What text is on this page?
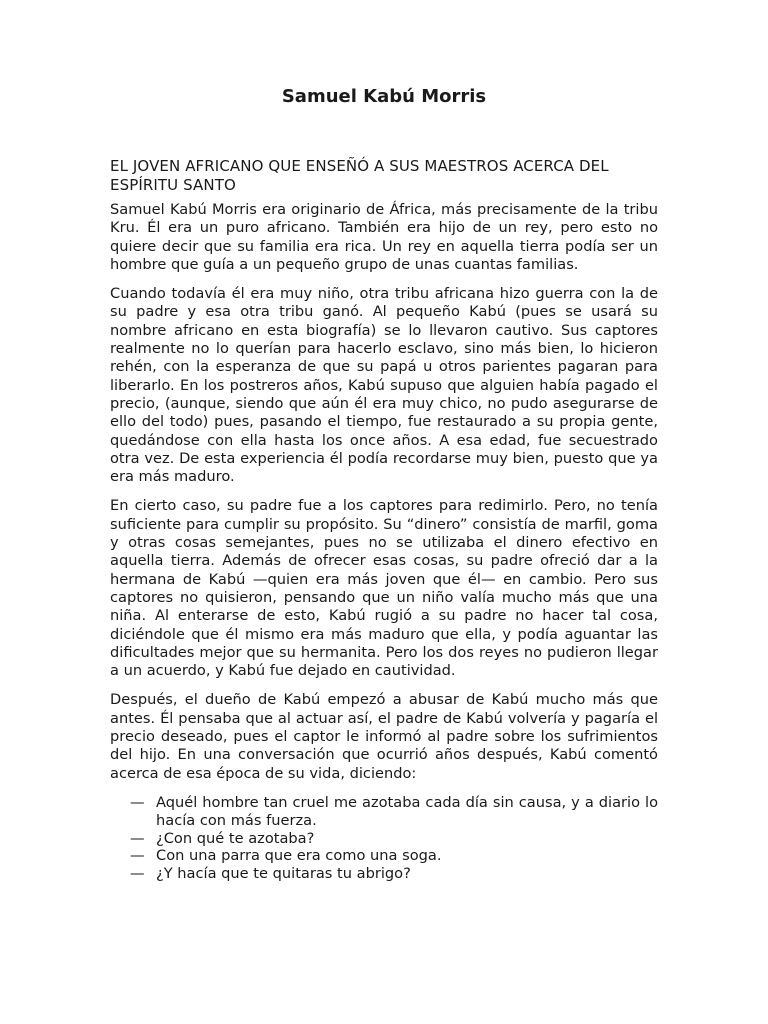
Samuel Kabú Morris
EL JOVEN AFRICANO QUE ENSEÑÓ A SUS MAESTROS ACERCA DEL ESPÍRITU SANTO

Samuel Kabú Morris era originario de África, más precisamente de la tribu Kru. Él era un puro africano. También era hijo de un rey, pero esto no quiere decir que su familia era rica. Un rey en aquella tierra podía ser un hombre que guía a un pequeño grupo de unas cuantas familias.

Cuando todavía él era muy niño, otra tribu africana hizo guerra con la de su padre y esa otra tribu ganó. Al pequeño Kabú (pues se usará su nombre africano en esta biografía) se lo llevaron cautivo. Sus captores realmente no lo querían para hacerlo esclavo, sino más bien, lo hicieron rehén, con la esperanza de que su papá u otros parientes pagaran para liberarlo. En los postreros años, Kabú supuso que alguien había pagado el precio, (aunque, siendo que aún él era muy chico, no pudo asegurarse de ello del todo) pues, pasando el tiempo, fue restaurado a su propia gente, quedándose con ella hasta los once años. A esa edad, fue secuestrado otra vez. De esta experiencia él podía recordarse muy bien, puesto que ya era más maduro.

En cierto caso, su padre fue a los captores para redimirlo. Pero, no tenía suficiente para cumplir su propósito. Su “dinero” consistía de marfil, goma y otras cosas semejantes, pues no se utilizaba el dinero efectivo en aquella tierra. Además de ofrecer esas cosas, su padre ofreció dar a la hermana de Kabú —quien era más joven que él— en cambio. Pero sus captores no quisieron, pensando que un niño valía mucho más que una niña. Al enterarse de esto, Kabú rugió a su padre no hacer tal cosa, diciéndole que él mismo era más maduro que ella, y podía aguantar las dificultades mejor que su hermanita. Pero los dos reyes no pudieron llegar a un acuerdo, y Kabú fue dejado en cautividad.

Después, el dueño de Kabú empezó a abusar de Kabú mucho más que antes. Él pensaba que al actuar así, el padre de Kabú volvería y pagaría el precio deseado, pues el captor le informó al padre sobre los sufrimientos del hijo. En una conversación que ocurrió años después, Kabú comentó acerca de esa época de su vida, diciendo:

— Aquél hombre tan cruel me azotaba cada día sin causa, y a diario lo hacía con más fuerza.
— ¿Con qué te azotaba?
— Con una parra que era como una soga.
— ¿Y hacía que te quitaras tu abrigo?
